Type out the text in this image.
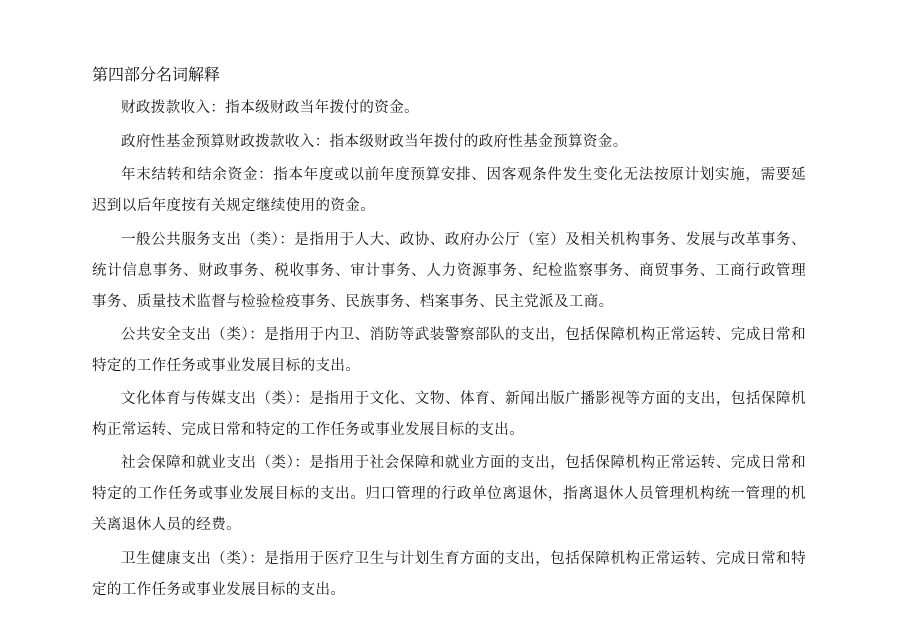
第四部分名词解释

财政拨款收入：指本级财政当年拨付的资金。

政府性基金预算财政拨款收入：指本级财政当年拨付的政府性基金预算资金。

年末结转和结余资金：指本年度或以前年度预算安排、因客观条件发生变化无法按原计划实施，需要延迟到以后年度按有关规定继续使用的资金。

一般公共服务支出（类）：是指用于人大、政协、政府办公厅（室）及相关机构事务、发展与改革事务、统计信息事务、财政事务、税收事务、审计事务、人力资源事务、纪检监察事务、商贸事务、工商行政管理事务、质量技术监督与检验检疫事务、民族事务、档案事务、民主党派及工商。

公共安全支出（类）：是指用于内卫、消防等武装警察部队的支出，包括保障机构正常运转、完成日常和特定的工作任务或事业发展目标的支出。

文化体育与传媒支出（类）：是指用于文化、文物、体育、新闻出版广播影视等方面的支出，包括保障机构正常运转、完成日常和特定的工作任务或事业发展目标的支出。

社会保障和就业支出（类）：是指用于社会保障和就业方面的支出，包括保障机构正常运转、完成日常和特定的工作任务或事业发展目标的支出。归口管理的行政单位离退休，指离退休人员管理机构统一管理的机关离退休人员的经费。

卫生健康支出（类）：是指用于医疗卫生与计划生育方面的支出，包括保障机构正常运转、完成日常和特定的工作任务或事业发展目标的支出。
